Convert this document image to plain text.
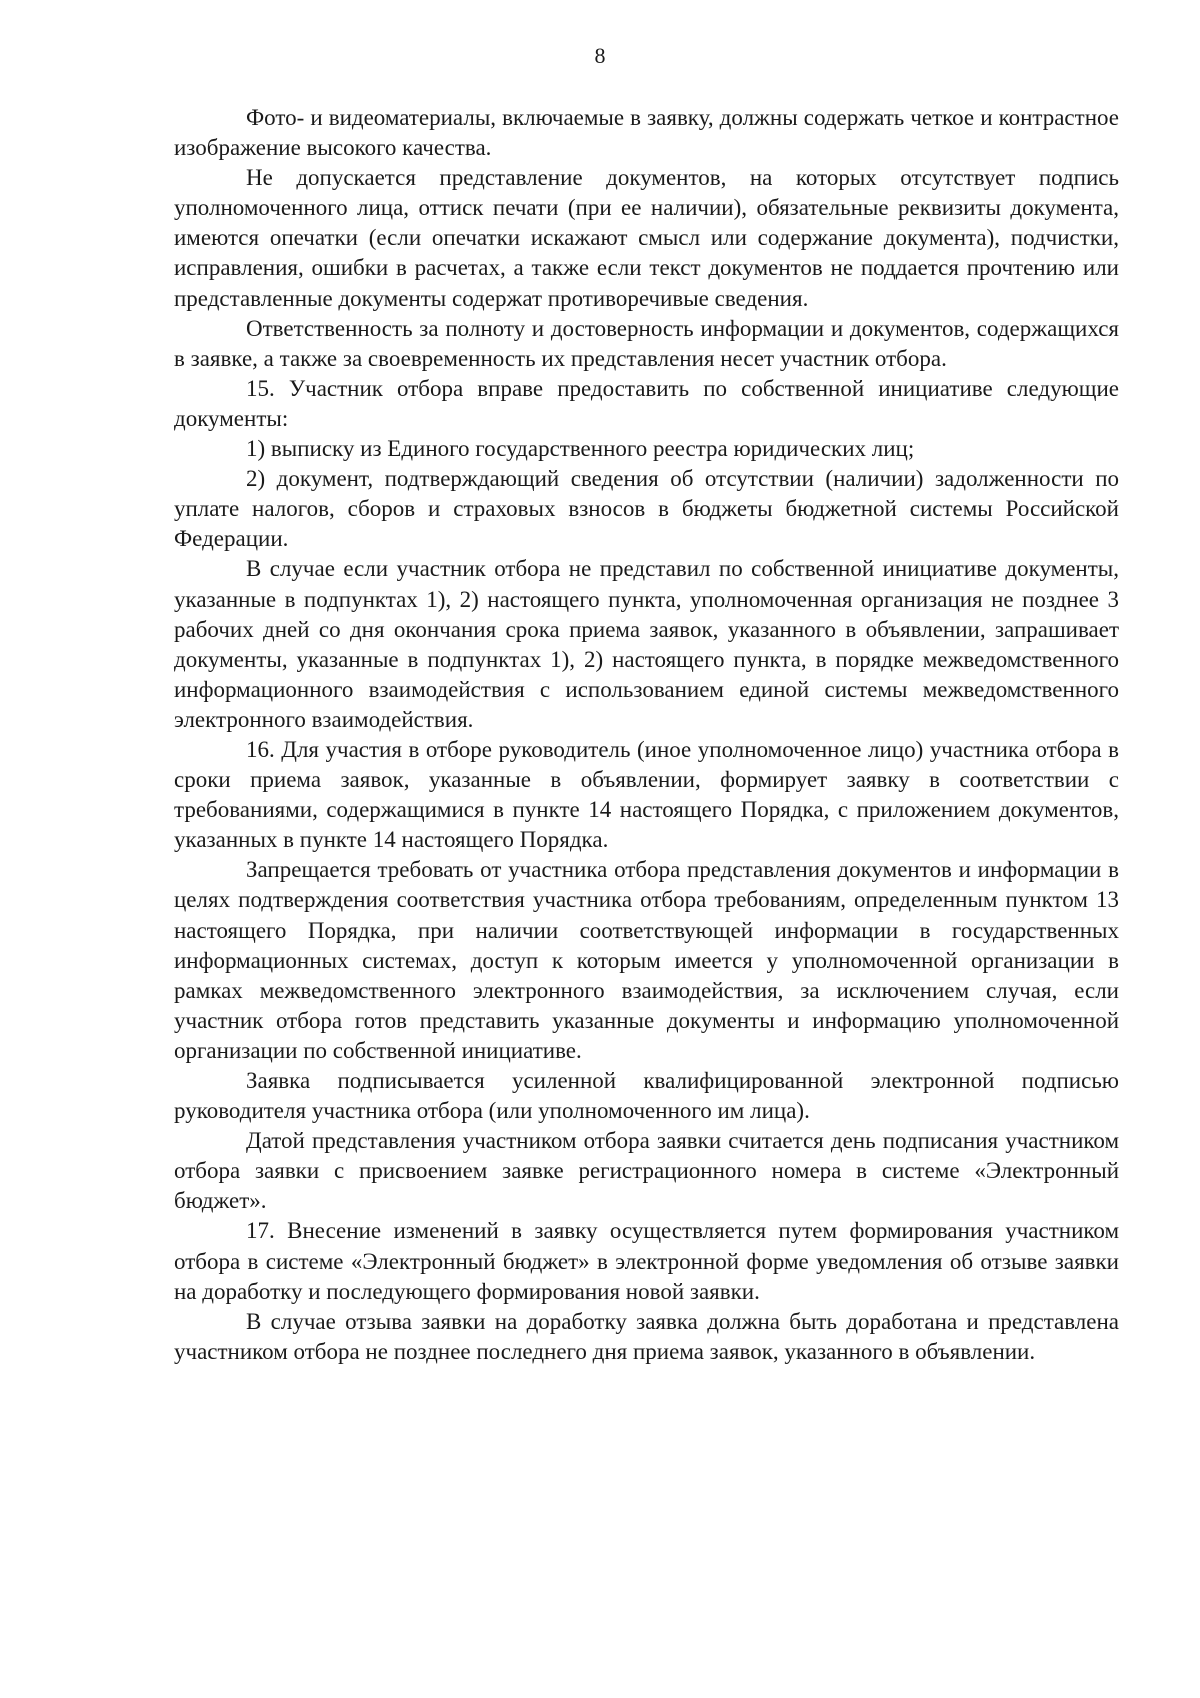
8

Фото- и видеоматериалы, включаемые в заявку, должны содержать четкое и контрастное изображение высокого качества.

Не допускается представление документов, на которых отсутствует подпись уполномоченного лица, оттиск печати (при ее наличии), обязательные реквизиты документа, имеются опечатки (если опечатки искажают смысл или содержание документа), подчистки, исправления, ошибки в расчетах, а также если текст документов не поддается прочтению или представленные документы содержат противоречивые сведения.

Ответственность за полноту и достоверность информации и документов, содержащихся в заявке, а также за своевременность их представления несет участник отбора.

15. Участник отбора вправе предоставить по собственной инициативе следующие документы:

1) выписку из Единого государственного реестра юридических лиц;

2) документ, подтверждающий сведения об отсутствии (наличии) задолженности по уплате налогов, сборов и страховых взносов в бюджеты бюджетной системы Российской Федерации.

В случае если участник отбора не представил по собственной инициативе документы, указанные в подпунктах 1), 2) настоящего пункта, уполномоченная организация не позднее 3 рабочих дней со дня окончания срока приема заявок, указанного в объявлении, запрашивает документы, указанные в подпунктах 1), 2) настоящего пункта, в порядке межведомственного информационного взаимодействия с использованием единой системы межведомственного электронного взаимодействия.

16. Для участия в отборе руководитель (иное уполномоченное лицо) участника отбора в сроки приема заявок, указанные в объявлении, формирует заявку в соответствии с требованиями, содержащимися в пункте 14 настоящего Порядка, с приложением документов, указанных в пункте 14 настоящего Порядка.

Запрещается требовать от участника отбора представления документов и информации в целях подтверждения соответствия участника отбора требованиям, определенным пунктом 13 настоящего Порядка, при наличии соответствующей информации в государственных информационных системах, доступ к которым имеется у уполномоченной организации в рамках межведомственного электронного взаимодействия, за исключением случая, если участник отбора готов представить указанные документы и информацию уполномоченной организации по собственной инициативе.

Заявка подписывается усиленной квалифицированной электронной подписью руководителя участника отбора (или уполномоченного им лица).

Датой представления участником отбора заявки считается день подписания участником отбора заявки с присвоением заявке регистрационного номера в системе «Электронный бюджет».

17. Внесение изменений в заявку осуществляется путем формирования участником отбора в системе «Электронный бюджет» в электронной форме уведомления об отзыве заявки на доработку и последующего формирования новой заявки.

В случае отзыва заявки на доработку заявка должна быть доработана и представлена участником отбора не позднее последнего дня приема заявок, указанного в объявлении.
